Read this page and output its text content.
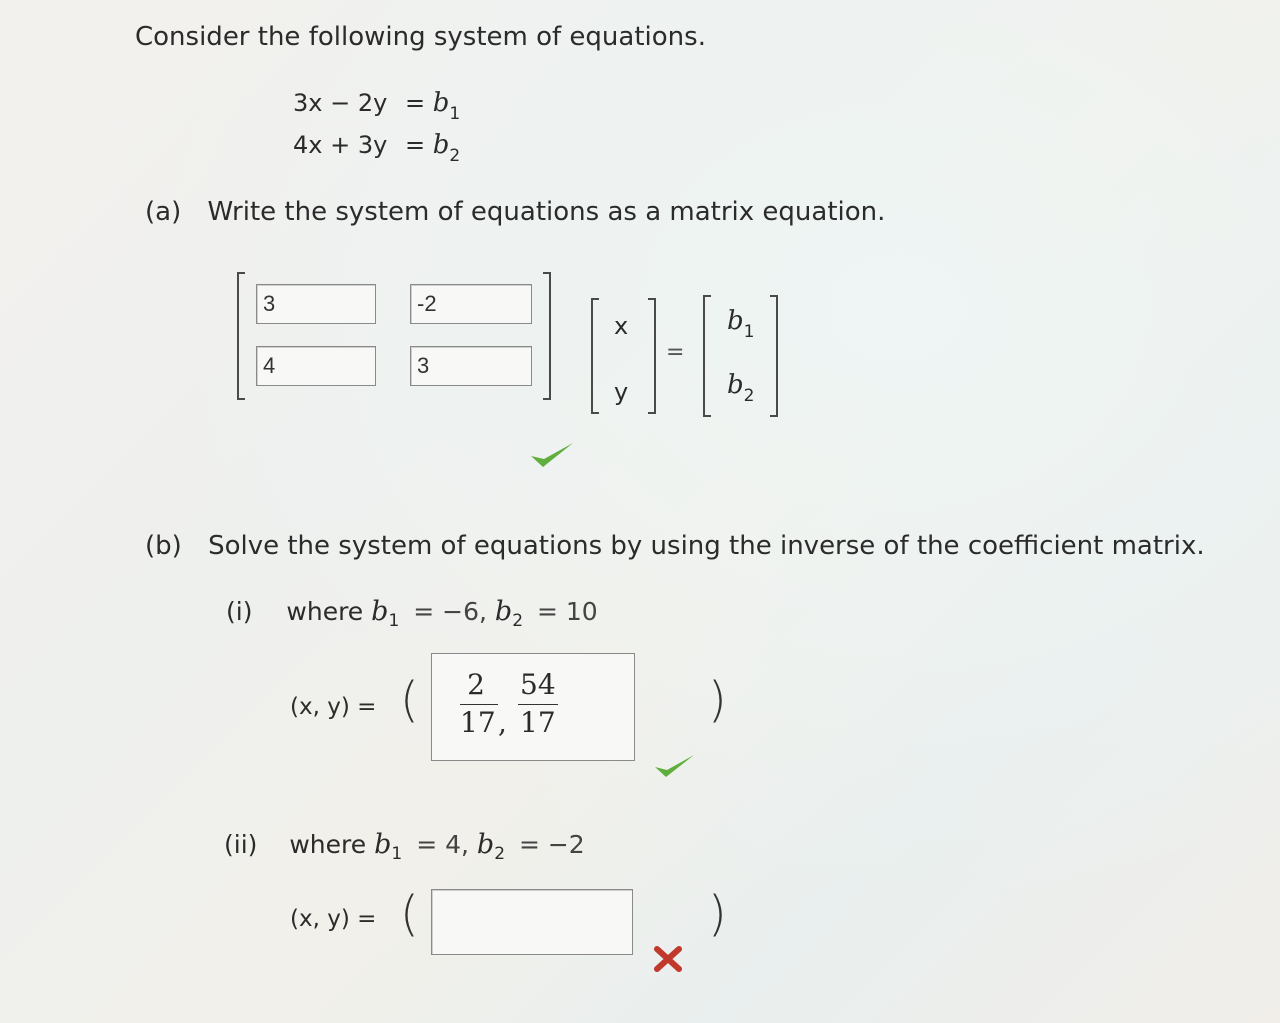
Consider the following system of equations.
$3x - 2y = b_1$
$4x + 3y = b_2$
(a) Write the system of equations as a matrix equation.
3	-2
4	3
x
y
=
$b_1$
$b_2$
(b) Solve the system of equations by using the inverse of the coefficient matrix.
(i) where $b_1 = -6$, $b_2 = 10$
(x, y) = (	)
2
17 ,
54
17
(ii) where $b_1 = 4$, $b_2 = -2$
(x, y) = (	)
